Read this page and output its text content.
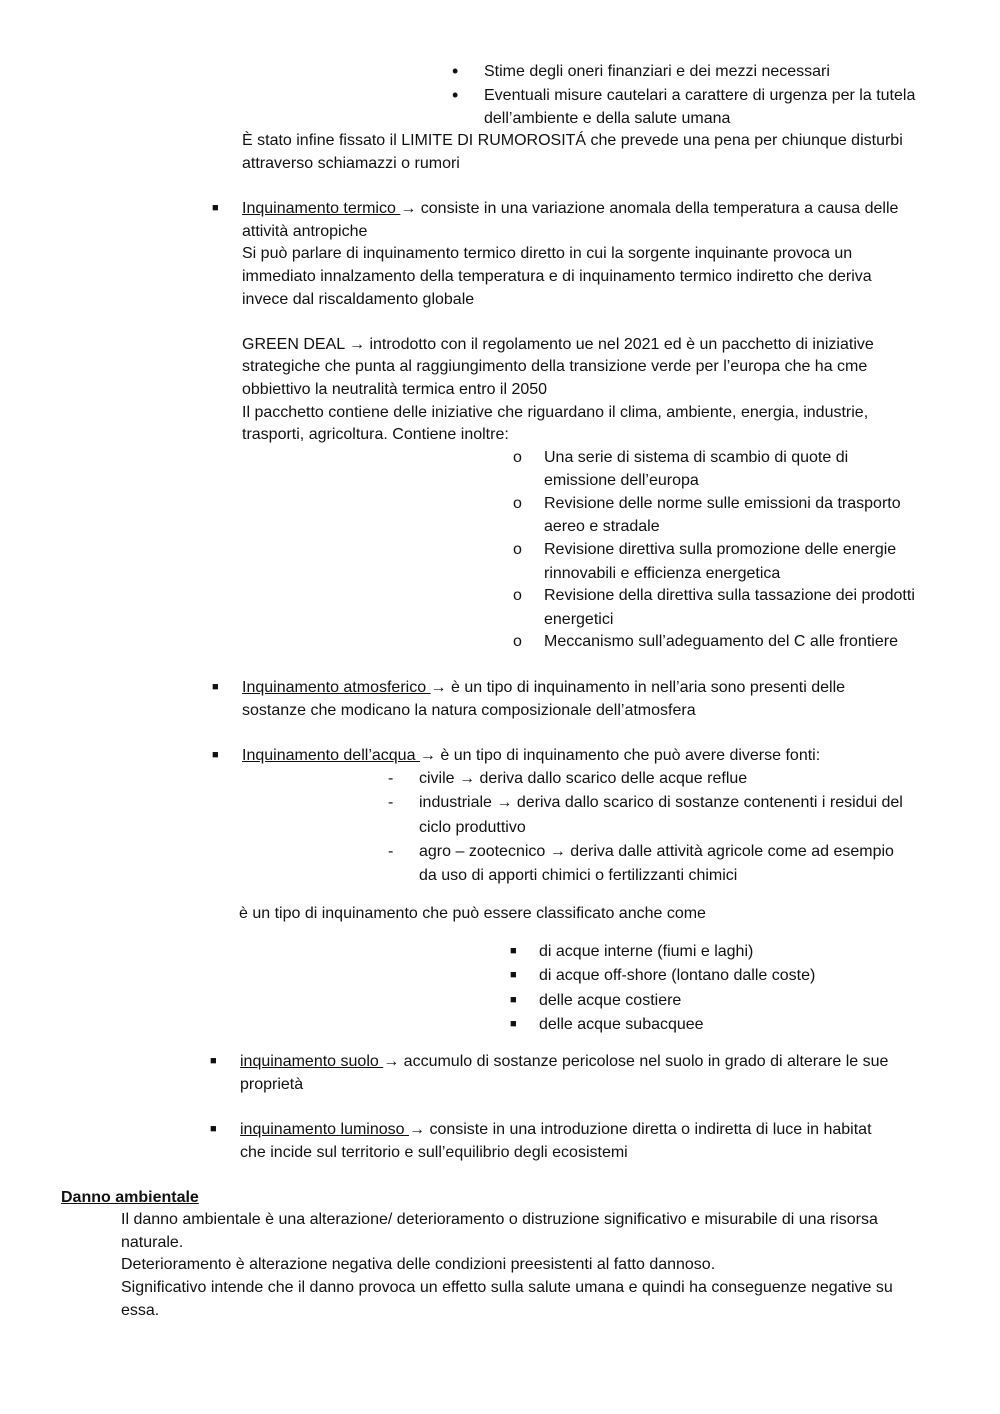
• Stime degli oneri finanziari e dei mezzi necessari
• Eventuali misure cautelari a carattere di urgenza per la tutela
dell’ambiente e della salute umana
È stato infine fissato il LIMITE DI RUMOROSITÁ che prevede una pena per chiunque disturbi
attraverso schiamazzi o rumori
■ Inquinamento termico → consiste in una variazione anomala della temperatura a causa delle
attività antropiche
Si può parlare di inquinamento termico diretto in cui la sorgente inquinante provoca un
immediato innalzamento della temperatura e di inquinamento termico indiretto che deriva
invece dal riscaldamento globale
GREEN DEAL → introdotto con il regolamento ue nel 2021 ed è un pacchetto di iniziative
strategiche che punta al raggiungimento della transizione verde per l’europa che ha cme
obbiettivo la neutralità termica entro il 2050
Il pacchetto contiene delle iniziative che riguardano il clima, ambiente, energia, industrie,
trasporti, agricoltura. Contiene inoltre:
o Una serie di sistema di scambio di quote di
emissione dell’europa
o Revisione delle norme sulle emissioni da trasporto
aereo e stradale
o Revisione direttiva sulla promozione delle energie
rinnovabili e efficienza energetica
o Revisione della direttiva sulla tassazione dei prodotti
energetici
o Meccanismo sull’adeguamento del C alle frontiere
■ Inquinamento atmosferico → è un tipo di inquinamento in nell’aria sono presenti delle
sostanze che modicano la natura composizionale dell’atmosfera
■ Inquinamento dell’acqua → è un tipo di inquinamento che può avere diverse fonti:
- civile → deriva dallo scarico delle acque reflue
- industriale → deriva dallo scarico di sostanze contenenti i residui del
ciclo produttivo
- agro – zootecnico → deriva dalle attività agricole come ad esempio
da uso di apporti chimici o fertilizzanti chimici
è un tipo di inquinamento che può essere classificato anche come
■ di acque interne (fiumi e laghi)
■ di acque off-shore (lontano dalle coste)
■ delle acque costiere
■ delle acque subacquee
■ inquinamento suolo → accumulo di sostanze pericolose nel suolo in grado di alterare le sue
proprietà
■ inquinamento luminoso → consiste in una introduzione diretta o indiretta di luce in habitat
che incide sul territorio e sull’equilibrio degli ecosistemi
Danno ambientale
Il danno ambientale è una alterazione/ deterioramento o distruzione significativo e misurabile di una risorsa
naturale.
Deterioramento è alterazione negativa delle condizioni preesistenti al fatto dannoso.
Significativo intende che il danno provoca un effetto sulla salute umana e quindi ha conseguenze negative su
essa.
